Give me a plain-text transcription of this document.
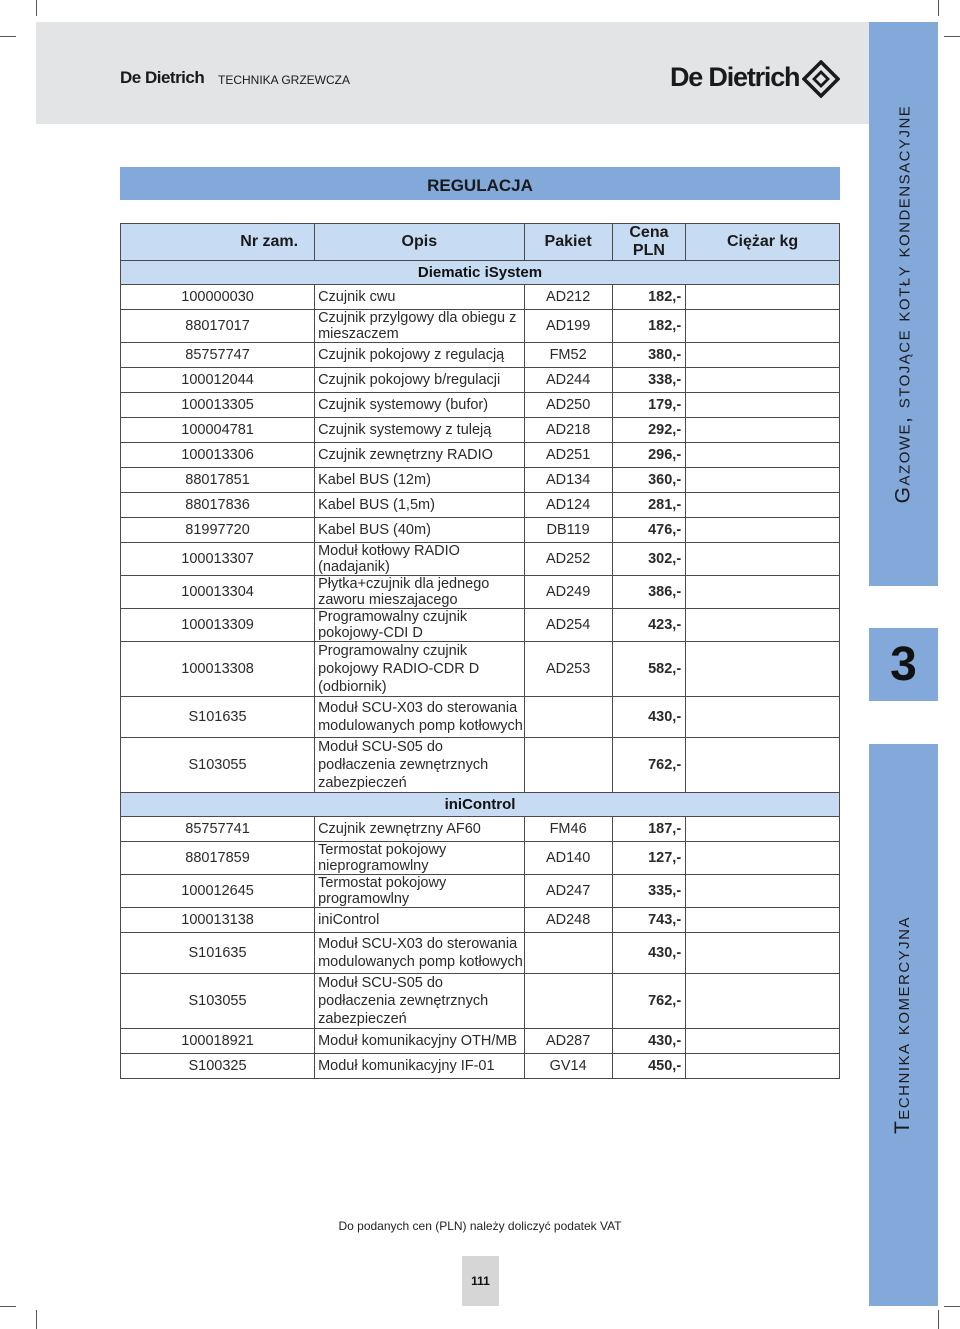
De Dietrich TECHNIKA GRZEWCZA	De Dietrich
Gazowe, stojące kotły kondensacyjne
3
Technika komercyjna
REGULACJA
Nr zam.	Opis	Pakiet	Cena PLN	Ciężar kg
Diematic iSystem				
100000030	Czujnik cwu	AD212	182,-	
88017017	Czujnik przylgowy dla obiegu z mieszaczem	AD199	182,-	
85757747	Czujnik pokojowy z regulacją	FM52	380,-	
100012044	Czujnik pokojowy b/regulacji	AD244	338,-	
100013305	Czujnik systemowy (bufor)	AD250	179,-	
100004781	Czujnik systemowy z tuleją	AD218	292,-	
100013306	Czujnik zewnętrzny RADIO	AD251	296,-	
88017851	Kabel BUS (12m)	AD134	360,-	
88017836	Kabel BUS (1,5m)	AD124	281,-	
81997720	Kabel BUS (40m)	DB119	476,-	
100013307	Moduł kotłowy RADIO (nadajanik)	AD252	302,-	
100013304	Płytka+czujnik dla jednego zaworu mieszajacego	AD249	386,-	
100013309	Programowalny czujnik pokojowy-CDI D	AD254	423,-	
100013308	Programowalny czujnik pokojowy RADIO-CDR D (odbiornik)	AD253	582,-	
S101635	Moduł SCU-X03 do sterowania modulowanych pomp kotłowych		430,-	
S103055	Moduł SCU-S05 do podłaczenia zewnętrznych zabezpieczeń		762,-	
iniControl				
85757741	Czujnik zewnętrzny AF60	FM46	187,-	
88017859	Termostat pokojowy nieprogramowlny	AD140	127,-	
100012645	Termostat pokojowy programowlny	AD247	335,-	
100013138	iniControl	AD248	743,-	
S101635	Moduł SCU-X03 do sterowania modulowanych pomp kotłowych		430,-	
S103055	Moduł SCU-S05 do podłaczenia zewnętrznych zabezpieczeń		762,-	
100018921	Moduł komunikacyjny OTH/MB	AD287	430,-	
S100325	Moduł komunikacyjny IF-01	GV14	450,-	
Do podanych cen (PLN) należy doliczyć podatek VAT
111
